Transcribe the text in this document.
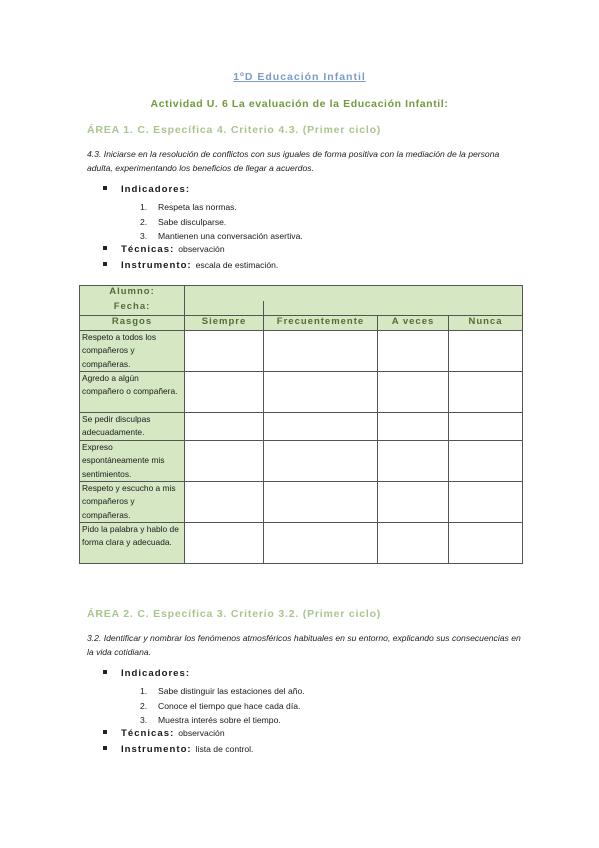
1ºD Educación Infantil
Actividad U. 6 La evaluación de la Educación Infantil:
ÁREA 1. C. Específica 4. Criterio 4.3. (Primer ciclo)
4.3. Iniciarse en la resolución de conflictos con sus iguales de forma positiva con la mediación de la persona adulta, experimentando los beneficios de llegar a acuerdos.
Indicadores:
1. Respeta las normas.
2. Sabe disculparse.
3. Mantienen una conversación asertiva.
Técnicas: observación
Instrumento: escala de estimación.
Alumno:				
Fecha:				
Rasgos	Siempre	Frecuentemente	A veces	Nunca
Respeto a todos los compañeros y compañeras.				
Agredo a algún compañero o compañera.				
Se pedir disculpas adecuadamente.				
Expreso espontáneamente mis sentimientos.				
Respeto y escucho a mis compañeros y compañeras.				
Pido la palabra y hablo de forma clara y adecuada.				
ÁREA 2. C. Específica 3. Criterio 3.2. (Primer ciclo)
3.2. Identificar y nombrar los fenómenos atmosféricos habituales en su entorno, explicando sus consecuencias en la vida cotidiana.
Indicadores:
1. Sabe distinguir las estaciones del año.
2. Conoce el tiempo que hace cada día.
3. Muestra interés sobre el tiempo.
Técnicas: observación
Instrumento: lista de control.
